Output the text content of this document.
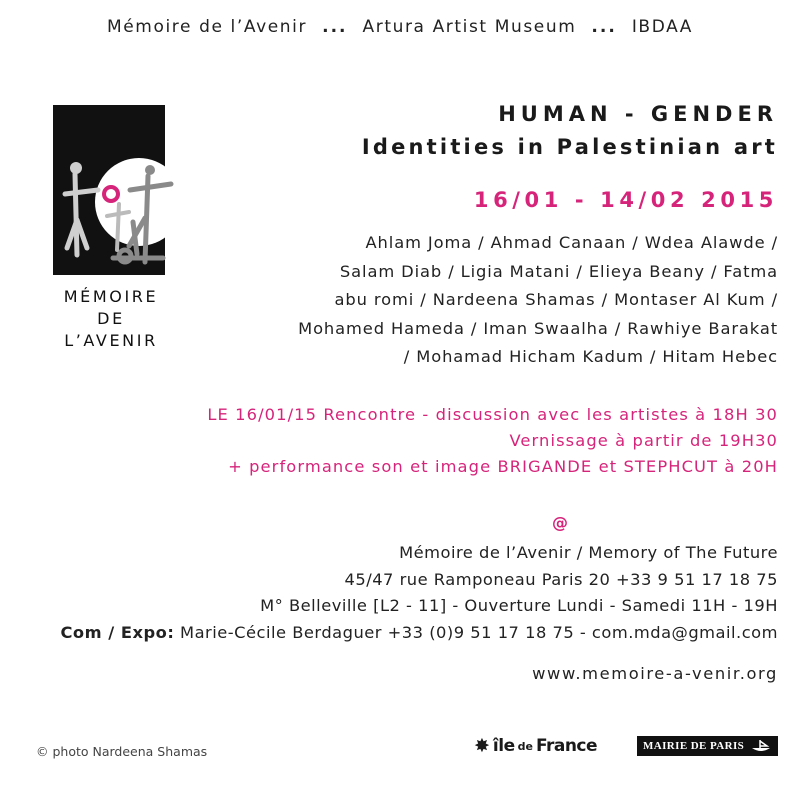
Mémoire de l’Avenir ... Artura Artist Museum ... IBDAA
MÉMOIRE
DE
L’AVENIR
HUMAN - GENDER
Identities in Palestinian art
16/01 - 14/02 2015
Ahlam Joma / Ahmad Canaan / Wdea Alawde /
Salam Diab / Ligia Matani / Elieya Beany / Fatma
abu romi / Nardeena Shamas / Montaser Al Kum /
Mohamed Hameda / Iman Swaalha / Rawhiye Barakat
/ Mohamad Hicham Kadum / Hitam Hebec
LE 16/01/15 Rencontre - discussion avec les artistes à 18H 30
Vernissage à partir de 19H30
+ performance son et image BRIGANDE et STEPHCUT à 20H
@
Mémoire de l’Avenir / Memory of The Future
45/47 rue Ramponeau Paris 20 +33 9 51 17 18 75
M° Belleville [L2 - 11] - Ouverture Lundi - Samedi 11H - 19H
Com / Expo: Marie-Cécile Berdaguer +33 (0)9 51 17 18 75 - com.mda@gmail.com
www.memoire-a-venir.org
© photo Nardeena Shamas	✸ île de France	MAIRIE DE PARIS
